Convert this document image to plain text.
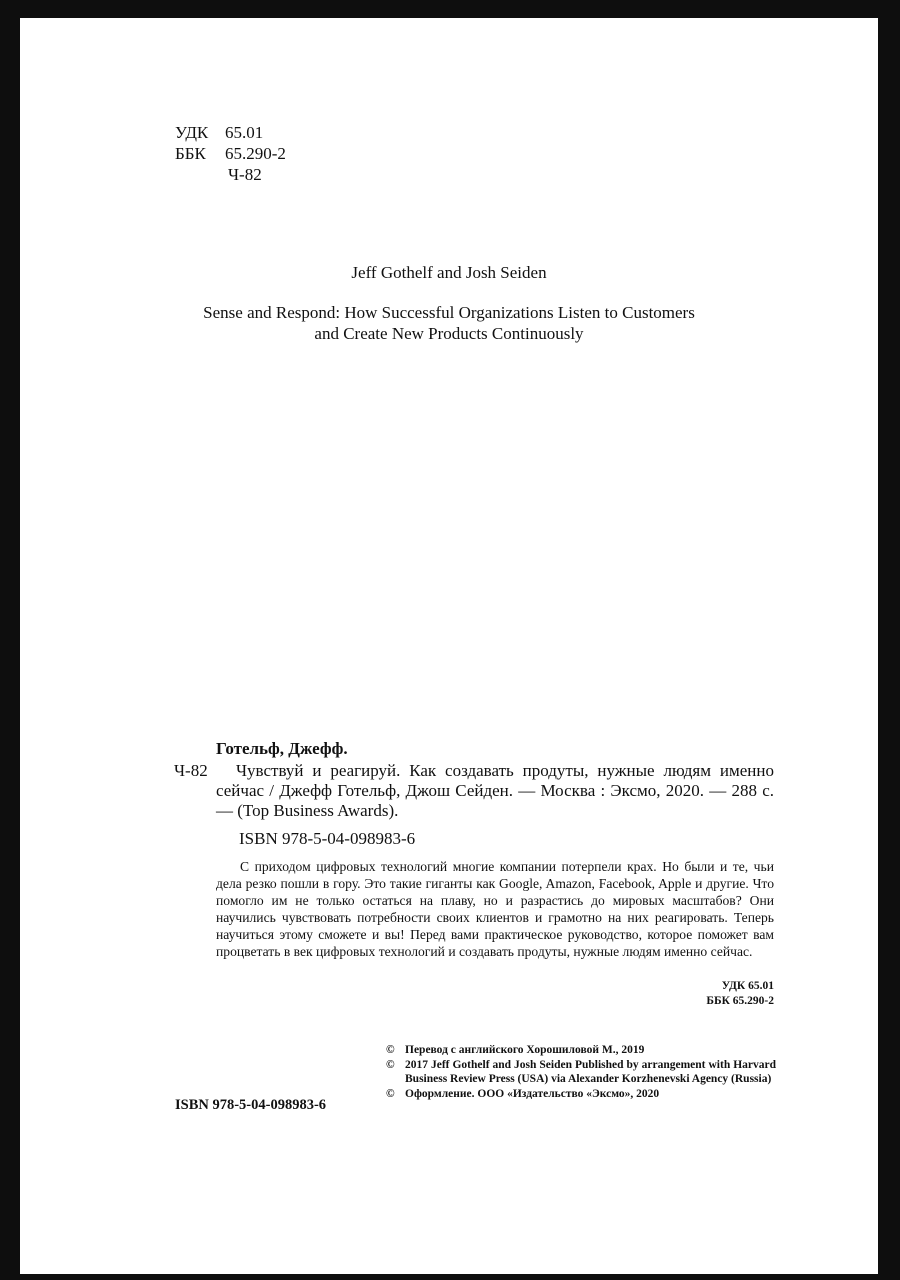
УДК 65.01
ББК	65.290-2
Ч-82
Jeff Gothelf and Josh Seiden
Sense and Respond: How Successful Organizations Listen to Customers
and Create New Products Continuously
Готельф, Джефф.
Ч-82	Чувствуй и реагируй. Как создавать продуты, нужные людям именно сейчас / Джефф Готельф, Джош Сейден. — Москва : Эксмо, 2020. — 288 с. — (Top Business Awards).
ISBN 978-5-04-098983-6
С приходом цифровых технологий многие компании потерпели крах. Но были и те, чьи дела резко пошли в гору. Это такие гиганты как Google, Amazon, Facebook, Apple и другие. Что помогло им не только остаться на плаву, но и разрастись до мировых масштабов? Они научились чувствовать потребности своих клиентов и грамотно на них реагировать. Теперь научиться этому сможете и вы! Перед вами практическое руководство, которое поможет вам процветать в век цифровых технологий и создавать продуты, нужные людям именно сейчас.
УДК 65.01
ББК 65.290-2
© Перевод с английского Хорошиловой М., 2019
© 2017 Jeff Gothelf and Josh Seiden Published by arrangement with Harvard Business Review Press (USA) via Alexander Korzhenevski Agency (Russia)
© Оформление. ООО «Издательство «Эксмо», 2020
ISBN 978-5-04-098983-6
